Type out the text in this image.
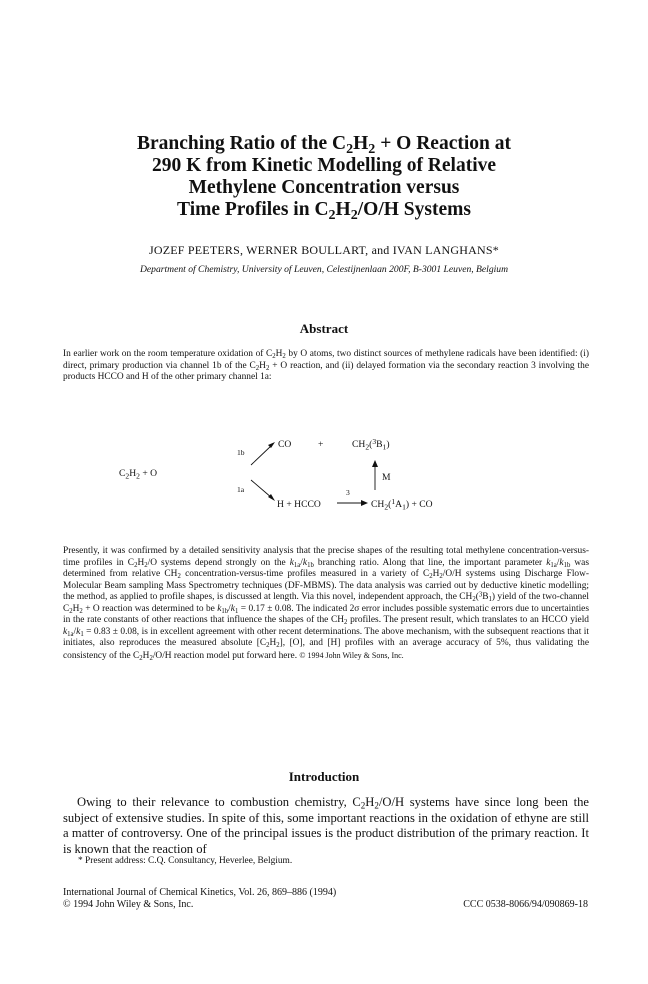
Branching Ratio of the $C_2H_2 + O$ Reaction at
290 K from Kinetic Modelling of Relative
Methylene Concentration versus
Time Profiles in $C_2H_2/O/H$ Systems
JOZEF PEETERS, WERNER BOULLART, and IVAN LANGHANS*
Department of Chemistry, University of Leuven, Celestijnenlaan 200F, B-3001 Leuven, Belgium
Abstract
In earlier work on the room temperature oxidation of $C_2H_2$ by O atoms, two distinct sources of methylene radicals have been identified: (i) direct, primary production via channel 1b of the $C_2H_2 + O$ reaction, and (ii) delayed formation via the secondary reaction 3 involving the products HCCO and H of the other primary channel 1a:
$C_2H_2 + O$
1b
CO	+	$CH_2(^3B_1)$
1a
H + HCCO
3
$CH_2(^1A_1)$ + CO
M
Presently, it was confirmed by a detailed sensitivity analysis that the precise shapes of the resulting total methylene concentration-versus-time profiles in $C_2H_2/O$ systems depend strongly on the $k_{1a}/k_{1b}$ branching ratio. Along that line, the important parameter $k_{1a}/k_{1b}$ was determined from relative $CH_2$ concentration-versus-time profiles measured in a variety of $C_2H_2/O/H$ systems using Discharge Flow-Molecular Beam sampling Mass Spectrometry techniques (DF-MBMS). The data analysis was carried out by deductive kinetic modelling; the method, as applied to profile shapes, is discussed at length. Via this novel, independent approach, the $CH_2(^3B_1)$ yield of the two-channel $C_2H_2 + O$ reaction was determined to be $k_{1b}/k_1 = 0.17 \pm 0.08$. The indicated 2σ error includes possible systematic errors due to uncertainties in the rate constants of other reactions that influence the shapes of the $CH_2$ profiles. The present result, which translates to an HCCO yield $k_{1a}/k_1 = 0.83 \pm 0.08$, is in excellent agreement with other recent determinations. The above mechanism, with the subsequent reactions that it initiates, also reproduces the measured absolute $[C_2H_2]$, [O], and [H] profiles with an average accuracy of 5%, thus validating the consistency of the $C_2H_2/O/H$ reaction model put forward here. © 1994 John Wiley & Sons, Inc.
Introduction
Owing to their relevance to combustion chemistry, $C_2H_2/O/H$ systems have since long been the subject of extensive studies. In spite of this, some important reactions in the oxidation of ethyne are still a matter of controversy. One of the principal issues is the product distribution of the primary reaction. It is known that the reaction of
* Present address: C.Q. Consultancy, Heverlee, Belgium.
International Journal of Chemical Kinetics, Vol. 26, 869–886 (1994)
© 1994 John Wiley & Sons, Inc.	CCC 0538-8066/94/090869-18
